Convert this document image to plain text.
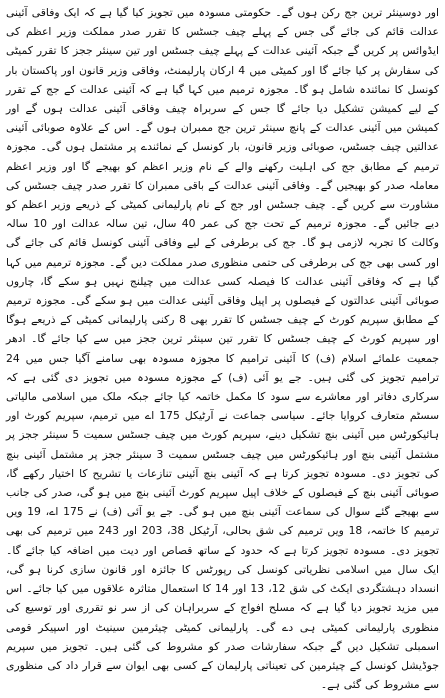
اور دوسینئر ترین جج رکن ہوں گے۔ حکومتی مسودہ میں تجویز کیا گیا ہے کہ ایک وفاقی آئینی عدالت قائم کی جائے گی جس کے پہلے چیف جسٹس کا تقرر صدر مملکت وزیر اعظم کی ایڈوائس پر کریں گے جبکہ آئینی عدالت کے پہلے چیف جسٹس اور تین سینئر ججز کا تقرر کمیٹی کی سفارش پر کیا جائے گا اور کمیٹی میں 4 ارکان پارلیمنٹ، وفاقی وزیر قانون اور پاکستان بار کونسل کا نمائندہ شامل ہو گا۔ مجوزہ ترمیم میں کہا گیا ہے کہ آئینی عدالت کے جج کے تقرر کے لیے کمیشن تشکیل دیا جائے گا جس کے سربراہ چیف وفاقی آئینی عدالت ہوں گے اور کمیشن میں آئینی عدالت کے پانچ سینئر ترین جج ممبران ہوں گے۔ اس کے علاوہ صوبائی آئینی عدالتیں چیف جسٹس، صوبائی وزیر قانون، بار کونسل کے نمائندے پر مشتمل ہوں گی۔ مجوزہ ترمیم کے مطابق جج کی اہلیت رکھنے والے کے نام وزیر اعظم کو بھیجے گا اور وزیر اعظم معاملہ صدر کو بھیجیں گے۔ وفاقی آئینی عدالت کے باقی ممبران کا تقرر صدر چیف جسٹس کی مشاورت سے کریں گے۔ چیف جسٹس اور جج کے نام پارلیمانی کمیٹی کے ذریعے وزیر اعظم کو دیے جائیں گے۔ مجوزہ ترمیم کے تحت جج کی عمر 40 سال، تین سالہ عدالت اور 10 سالہ وکالت کا تجربہ لازمی ہو گا۔ جج کی برطرفی کے لیے وفاقی آئینی کونسل قائم کی جائے گی اور کسی بھی جج کی برطرفی کی حتمی منظوری صدر مملکت دیں گے۔ مجوزہ ترمیم میں کہا گیا ہے کہ وفاقی آئینی عدالت کا فیصلہ کسی عدالت میں چیلنج نہیں ہو سکے گا، چاروں صوبائی آئینی عدالتوں کے فیصلوں پر اپیل وفاقی آئینی عدالت میں ہو سکے گی۔ مجوزہ ترمیم کے مطابق سپریم کورٹ کے چیف جسٹس کا تقرر بھی 8 رکنی پارلیمانی کمیٹی کے ذریعے ہوگا اور سپریم کورٹ کے چیف جسٹس کا تقرر تین سینئر ترین ججز میں سے کیا جائے گا۔ ادھر جمعیت علمائے اسلام (ف) کا آئینی ترامیم کا مجوزہ مسودہ بھی سامنے آگیا جس میں 24 ترامیم تجویز کی گئی ہیں۔ جے یو آئی (ف) کے مجوزہ مسودہ میں تجویز دی گئی ہے کہ سرکاری دفاتر اور معاشرے سے سود کا مکمل خاتمہ کیا جائے جبکہ ملک میں اسلامی مالیاتی سسٹم متعارف کروایا جائے۔ سیاسی جماعت نے آرٹیکل 175 اے میں ترمیم، سپریم کورٹ اور ہائیکورٹس میں آئینی بنچ تشکیل دینے، سپریم کورٹ میں چیف جسٹس سمیت 5 سینئر ججز پر مشتمل آئینی بنچ اور ہائیکورٹس میں چیف جسٹس سمیت 3 سینئر ججز پر مشتمل آئینی بنچ کی تجویز دی۔ مسودہ تجویز کرتا ہے کہ آئینی بنچ آئینی تنازعات یا تشریح کا اختیار رکھے گا، صوبائی آئینی بنچ کے فیصلوں کے خلاف اپیل سپریم کورٹ آئینی بنچ میں ہو گی، صدر کی جانب سے بھیجے گئے سوال کی سماعت آئینی بنچ میں ہو گی۔ جے یو آئی (ف) نے 175 اے، 19 ویں ترمیم کا خاتمہ، 18 ویں ترمیم کی شق بحالی، آرٹیکل 38، 203 اور 243 میں ترمیم کی بھی تجویز دی۔ مسودہ تجویز کرتا ہے کہ حدود کے ساتھ قصاص اور دیت میں اضافہ کیا جائے گا۔ ایک سال میں اسلامی نظریاتی کونسل کی رپورٹس کا جائزہ اور قانون سازی کرنا ہو گی، انسداد دہشتگردی ایکٹ کی شق 12، 13 اور 14 کا استعمال متاثرہ علاقوں میں کیا جائے۔ اس میں مزید تجویز دیا گیا ہے کہ مسلح افواج کے سربراہان کی از سر نو تقرری اور توسیع کی منظوری پارلیمانی کمیٹی ہی دے گی۔ پارلیمانی کمیٹی چیئرمین سینیٹ اور اسپیکر قومی اسمبلی تشکیل دیں گے جبکہ سفارشات صدر کو مشروط کی گئی ہیں۔ تجویز میں سپریم جوڈیشل کونسل کے چیئرمین کی تعیناتی پارلیمان کے کسی بھی ایوان سے قرار داد کی منظوری سے مشروط کی گئی ہے۔
